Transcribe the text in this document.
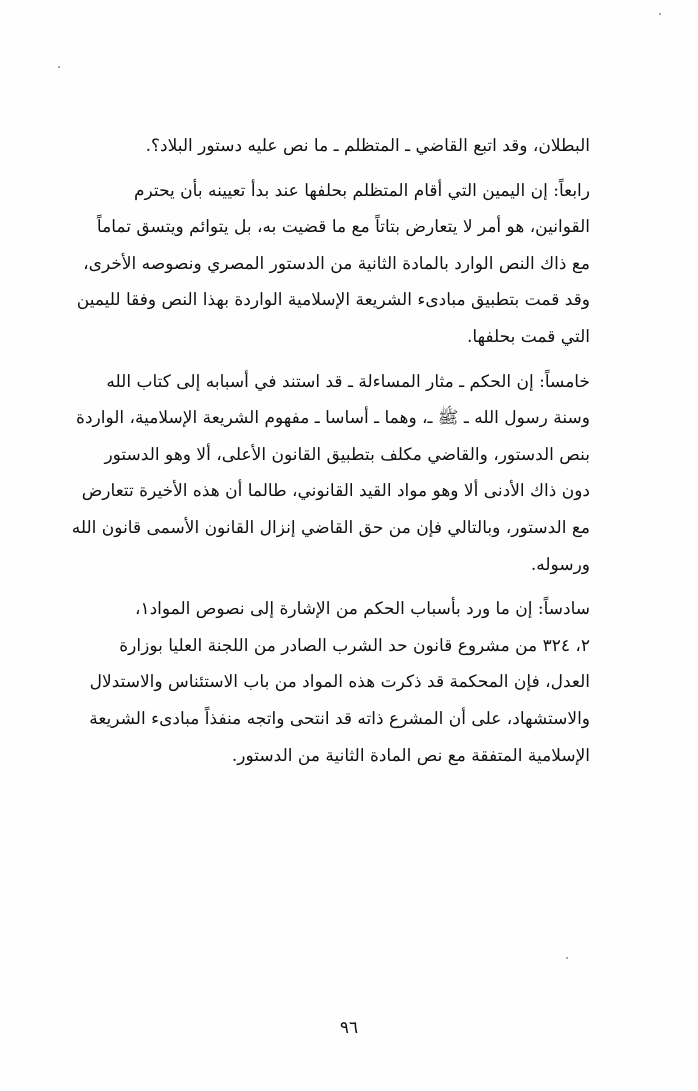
البطلان، وقد اتبع القاضي ـ المتظلم ـ ما نص عليه دستور البلاد؟.
رابعاً: إن اليمين التي أقام المتظلم بحلفها عند بدأ تعيينه بأن يحترم
القوانين، هو أمر لا يتعارض بتاتاً مع ما قضيت به، بل يتوائم ويتسق تماماً
مع ذاك النص الوارد بالمادة الثانية من الدستور المصري ونصوصه الأخرى،
وقد قمت بتطبيق مبادىء الشريعة الإسلامية الواردة بهذا النص وفقا لليمين
التي قمت بحلفها.
خامساً: إن الحكم ـ مثار المساءلة ـ قد استند في أسبابه إلى كتاب الله
وسنة رسول الله ـ ﷺ ـ، وهما ـ أساسا ـ مفهوم الشريعة الإسلامية، الواردة
بنص الدستور، والقاضي مكلف بتطبيق القانون الأعلى، ألا وهو الدستور
دون ذاك الأدنى ألا وهو مواد القيد القانوني، طالما أن هذه الأخيرة تتعارض
مع الدستور، وبالتالي فإن من حق القاضي إنزال القانون الأسمى قانون الله
ورسوله.
سادساً: إن ما ورد بأسباب الحكم من الإشارة إلى نصوص المواد١،
٢، ٣٢٤ من مشروع قانون حد الشرب الصادر من اللجنة العليا بوزارة
العدل، فإن المحكمة قد ذكرت هذه المواد من باب الاستئناس والاستدلال
والاستشهاد، على أن المشرع ذاته قد انتحى واتجه منفذاً مبادىء الشريعة
الإسلامية المتفقة مع نص المادة الثانية من الدستور.
٩٦
